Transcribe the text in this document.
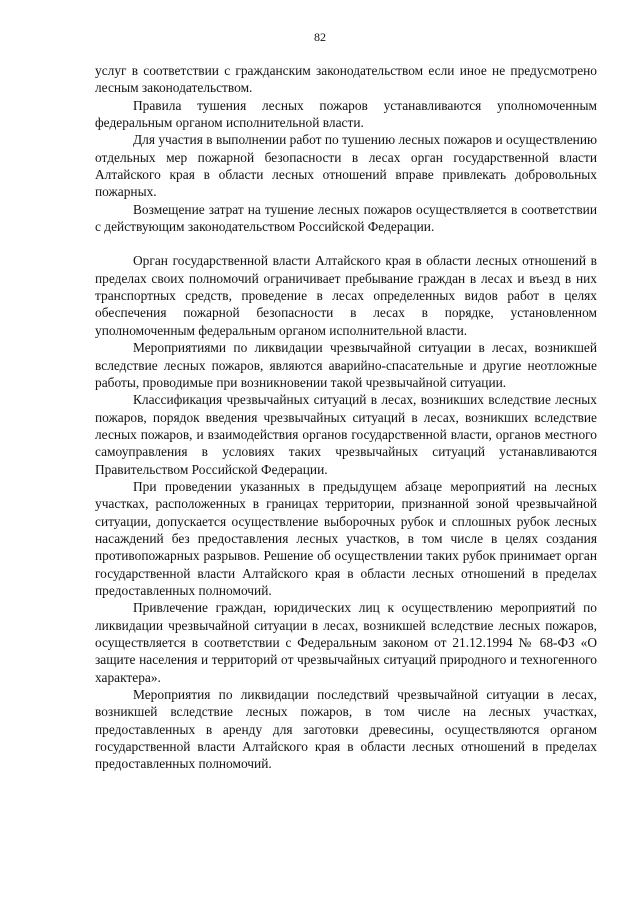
82

услуг в соответствии с гражданским законодательством если иное не предусмотрено лесным законодательством.

Правила тушения лесных пожаров устанавливаются уполномоченным федеральным органом исполнительной власти.

Для участия в выполнении работ по тушению лесных пожаров и осуществлению отдельных мер пожарной безопасности в лесах орган государственной власти Алтайского края в области лесных отношений вправе привлекать добровольных пожарных.

Возмещение затрат на тушение лесных пожаров осуществляется в соответствии с действующим законодательством Российской Федерации.

Орган государственной власти Алтайского края в области лесных отношений в пределах своих полномочий ограничивает пребывание граждан в лесах и въезд в них транспортных средств, проведение в лесах определенных видов работ в целях обеспечения пожарной безопасности в лесах в порядке, установленном уполномоченным федеральным органом исполнительной власти.

Мероприятиями по ликвидации чрезвычайной ситуации в лесах, возникшей вследствие лесных пожаров, являются аварийно-спасательные и другие неотложные работы, проводимые при возникновении такой чрезвычайной ситуации.

Классификация чрезвычайных ситуаций в лесах, возникших вследствие лесных пожаров, порядок введения чрезвычайных ситуаций в лесах, возникших вследствие лесных пожаров, и взаимодействия органов государственной власти, органов местного самоуправления в условиях таких чрезвычайных ситуаций устанавливаются Правительством Российской Федерации.

При проведении указанных в предыдущем абзаце мероприятий на лесных участках, расположенных в границах территории, признанной зоной чрезвычайной ситуации, допускается осуществление выборочных рубок и сплошных рубок лесных насаждений без предоставления лесных участков, в том числе в целях создания противопожарных разрывов. Решение об осуществлении таких рубок принимает орган государственной власти Алтайского края в области лесных отношений в пределах предоставленных полномочий.

Привлечение граждан, юридических лиц к осуществлению мероприятий по ликвидации чрезвычайной ситуации в лесах, возникшей вследствие лесных пожаров, осуществляется в соответствии с Федеральным законом от 21.12.1994 № 68-ФЗ «О защите населения и территорий от чрезвычайных ситуаций природного и техногенного характера».

Мероприятия по ликвидации последствий чрезвычайной ситуации в лесах, возникшей вследствие лесных пожаров, в том числе на лесных участках, предоставленных в аренду для заготовки древесины, осуществляются органом государственной власти Алтайского края в области лесных отношений в пределах предоставленных полномочий.
